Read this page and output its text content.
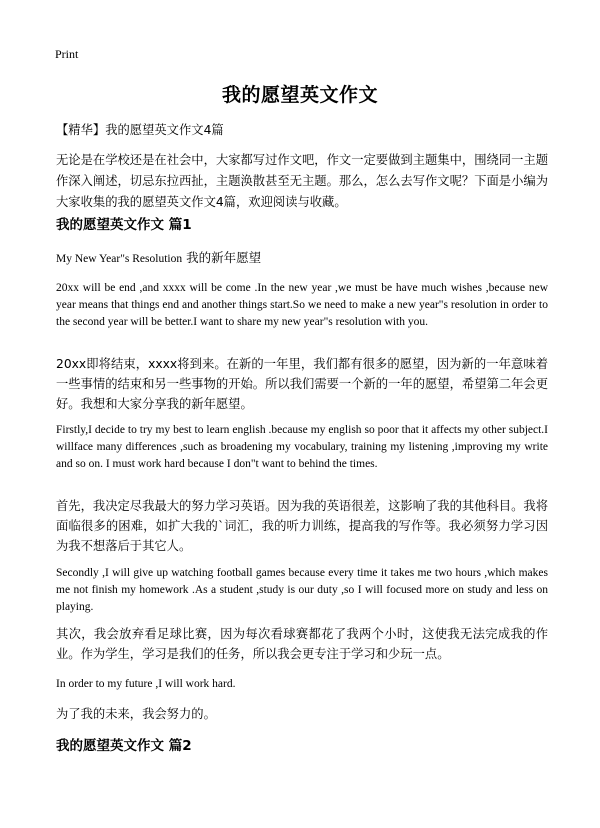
Print
我的愿望英文作文
【精华】我的愿望英文作文4篇
无论是在学校还是在社会中，大家都写过作文吧，作文一定要做到主题集中，围绕同一主题作深入阐述，切忌东拉西扯，主题涣散甚至无主题。那么，怎么去写作文呢？下面是小编为大家收集的我的愿望英文作文4篇，欢迎阅读与收藏。
我的愿望英文作文 篇1
My New Year"s Resolution 我的新年愿望
20xx will be end ,and xxxx will be come .In the new year ,we must be have much wishes ,because new year means that things end and another things start.So we need to make a new year"s resolution in order to the second year will be better.I want to share my new year"s resolution with you.
20xx即将结束，xxxx将到来。在新的一年里，我们都有很多的愿望，因为新的一年意味着一些事情的结束和另一些事物的开始。所以我们需要一个新的一年的愿望，希望第二年会更好。我想和大家分享我的新年愿望。
Firstly,I decide to try my best to learn english .because my english so poor that it affects my other subject.I willface many differences ,such as broadening my vocabulary, training my listening ,improving my write and so on. I must work hard because I don"t want to behind the times.
首先，我决定尽我最大的努力学习英语。因为我的英语很差，这影响了我的其他科目。我将面临很多的困难，如扩大我的`词汇，我的听力训练，提高我的写作等。我必须努力学习因为我不想落后于其它人。
Secondly ,I will give up watching football games because every time it takes me two hours ,which makes me not finish my homework .As a student ,study is our duty ,so I will focused more on study and less on playing.
其次，我会放弃看足球比赛，因为每次看球赛都花了我两个小时，这使我无法完成我的作业。作为学生，学习是我们的任务，所以我会更专注于学习和少玩一点。
In order to my future ,I will work hard.
为了我的未来，我会努力的。
我的愿望英文作文 篇2
